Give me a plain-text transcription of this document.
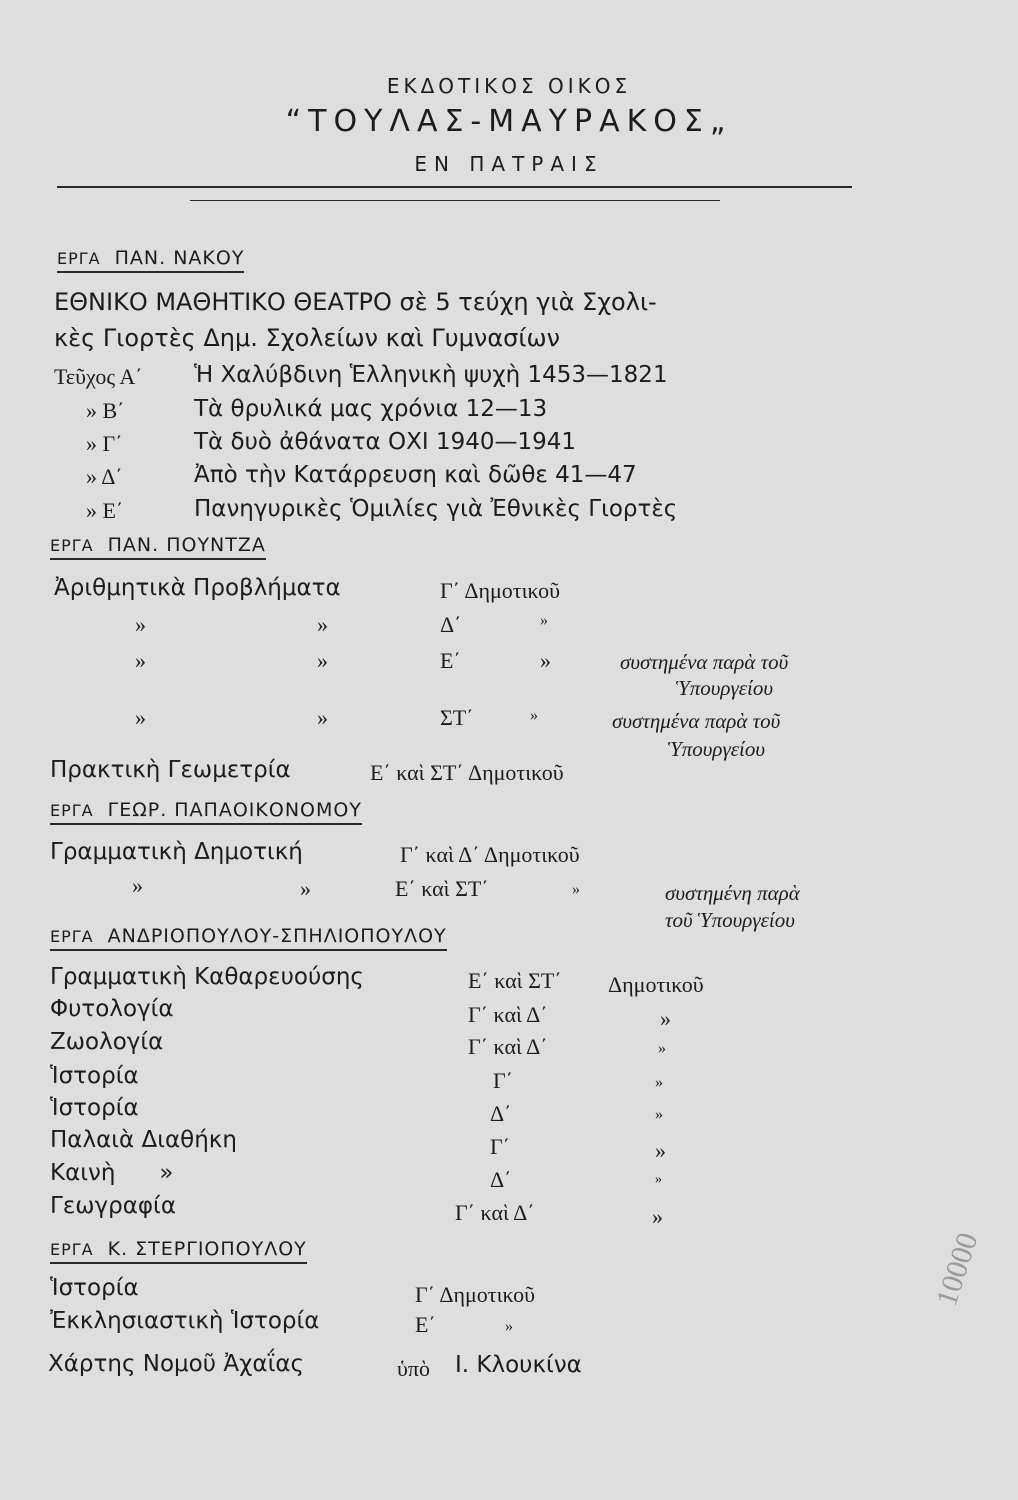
ΕΚΔΟΤΙΚΟΣ ΟΙΚΟΣ
“ΤΟΥΛΑΣ-ΜΑΥΡΑΚΟΣ„
ΕΝ ΠΑΤΡΑΙΣ
ΕΡΓΑ ΠΑΝ. ΝΑΚΟΥ
ΕΘΝΙΚΟ ΜΑΘΗΤΙΚΟ ΘΕΑΤΡΟ σὲ 5 τεύχη γιὰ Σχολι-
κὲς Γιορτὲς Δημ. Σχολείων καὶ Γυμνασίων
Τεῦχος Α΄ Ἡ Χαλύβδινη Ἑλληνικὴ ψυχὴ 1453—1821
» Β΄	Τὰ θρυλικά μας χρόνια 12—13
» Γ΄	Τὰ δυὸ ἀθάνατα ΟΧΙ 1940—1941
» Δ΄	Ἀπὸ τὴν Κατάρρευση καὶ δῶθε 41—47
» Ε΄	Πανηγυρικὲς Ὁμιλίες γιὰ Ἐθνικὲς Γιορτὲς
ΕΡΓΑ ΠΑΝ. ΠΟΥΝΤΖΑ
Ἀριθμητικὰ Προβλήματα	Γ΄ Δημοτικοῦ
»	»	Δ΄	»
»	»	Ε΄	»	συστημένα παρὰ τοῦ
Ὑπουργείου
»	»	ΣΤ΄	»	συστημένα παρὰ τοῦ
Ὑπουργείου
Πρακτικὴ Γεωμετρία	Ε΄ καὶ ΣΤ΄ Δημοτικοῦ
ΕΡΓΑ ΓΕΩΡ. ΠΑΠΑΟΙΚΟΝΟΜΟΥ
Γραμματικὴ Δημοτική	Γ΄ καὶ Δ΄ Δημοτικοῦ
»	»	Ε΄ καὶ ΣΤ΄	»	συστημένη παρὰ
τοῦ Ὑπουργείου
ΕΡΓΑ ΑΝΔΡΙΟΠΟΥΛΟΥ-ΣΠΗΛΙΟΠΟΥΛΟΥ
Γραμματικὴ Καθαρευούσης	Ε΄ καὶ ΣΤ΄ Δημοτικοῦ
Φυτολογία	Γ΄ καὶ Δ΄	»
Ζωολογία	Γ΄ καὶ Δ΄	»
Ἱστορία	Γ΄	»
Ἱστορία	Δ΄	»
Παλαιὰ Διαθήκη	Γ΄	»
Καινὴ      »	Δ΄	»
Γεωγραφία	Γ΄ καὶ Δ΄	»
ΕΡΓΑ Κ. ΣΤΕΡΓΙΟΠΟΥΛΟΥ
Ἱστορία	Γ΄ Δημοτικοῦ
Ἐκκλησιαστικὴ Ἱστορία	Ε΄	»
Χάρτης Νομοῦ Ἀχαΐας	ὑπὸ Ι. Κλουκίνα
10000
